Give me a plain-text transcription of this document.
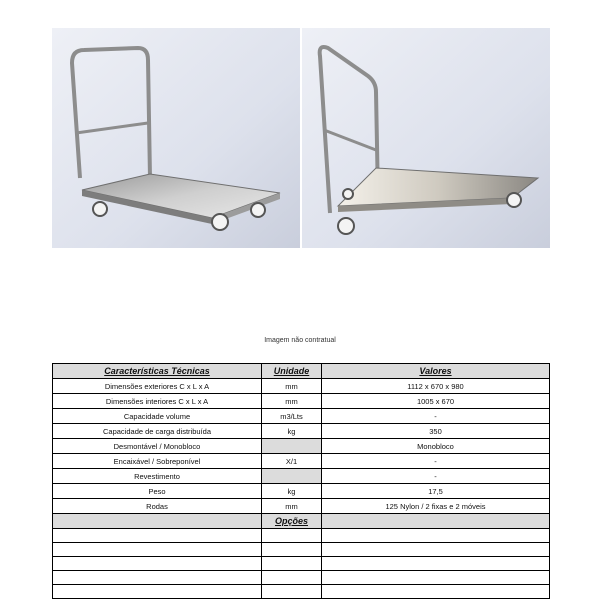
Imagem não contratual
Características Técnicas	Unidade	Valores
Dimensões exteriores C x L x A	mm	1112 x 670 x 980
Dimensões interiores C x L x A	mm	1005 x 670
Capacidade volume	m3/Lts	-
Capacidade de carga distribuída	kg	350
Desmontável / Monobloco		Monobloco
Encaixável / Sobreponível	X/1	-
Revestimento		-
Peso	kg	17,5
Rodas	mm	125 Nylon / 2 fixas e 2 móveis
	Opções	
